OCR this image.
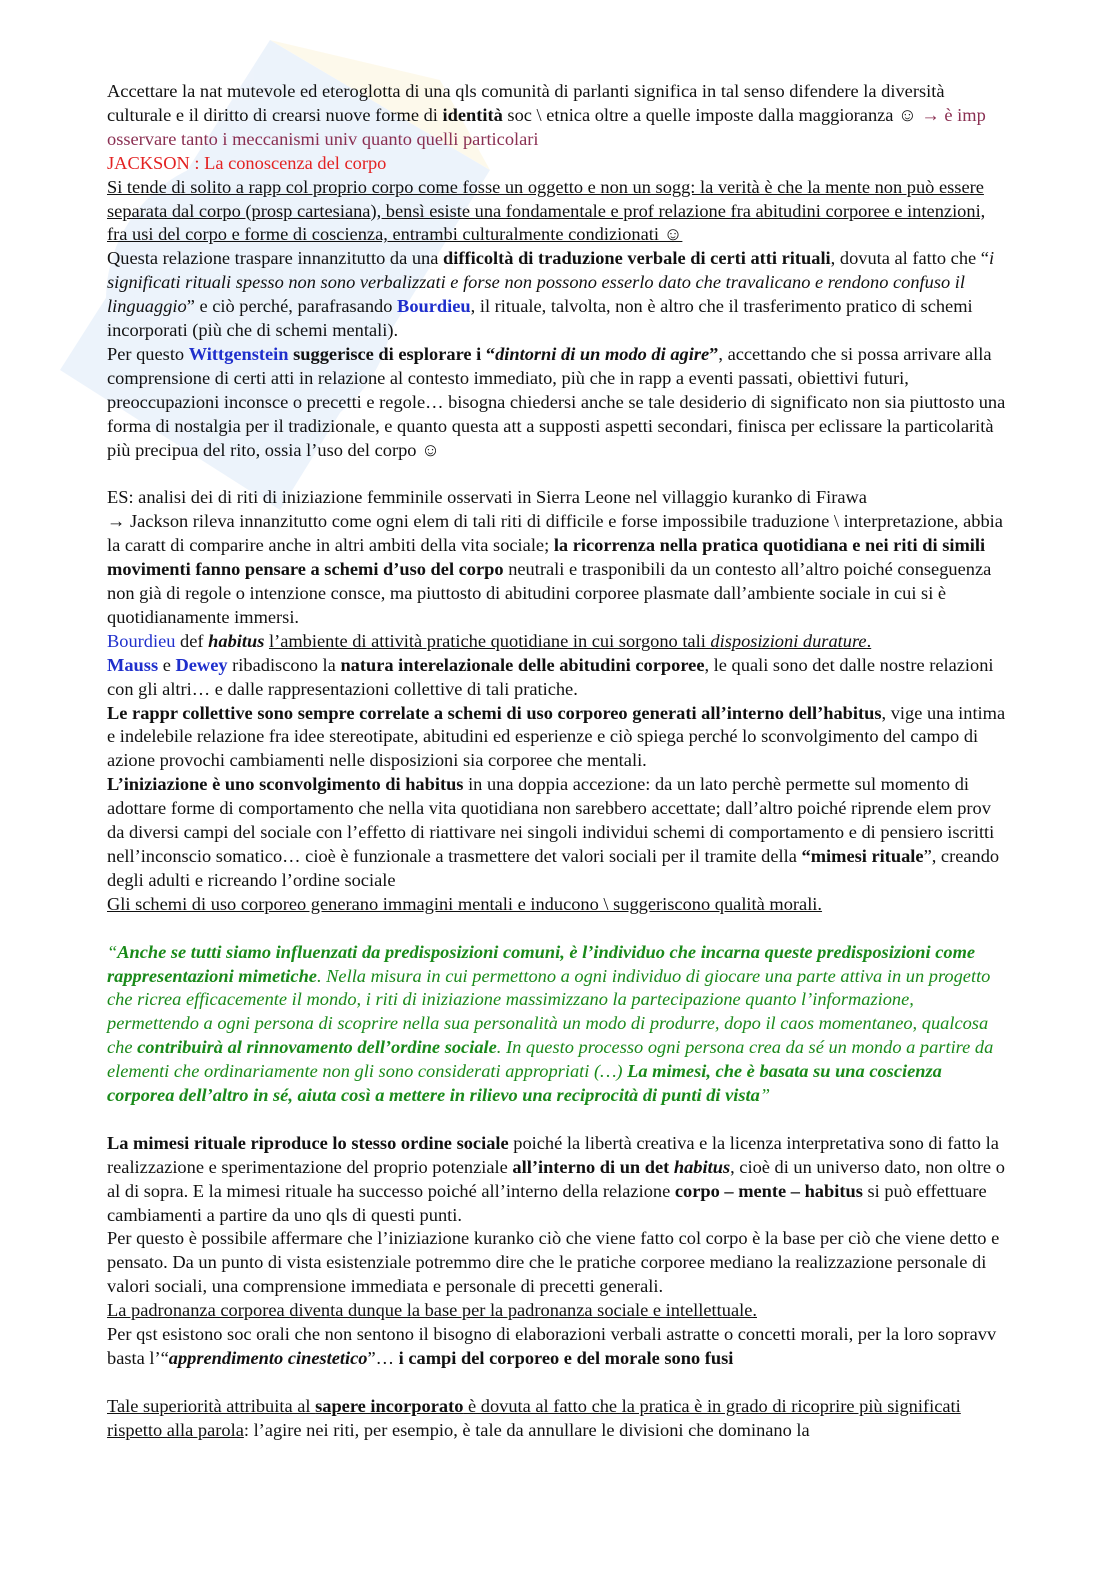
Accettare la nat mutevole ed eteroglotta di una qls comunità di parlanti significa in tal senso difendere la diversità culturale e il diritto di crearsi nuove forme di identità soc \ etnica oltre a quelle imposte dalla maggioranza ☺ → è imp osservare tanto i meccanismi univ quanto quelli particolari

JACKSON : La conoscenza del corpo

Si tende di solito a rapp col proprio corpo come fosse un oggetto e non un sogg: la verità è che la mente non può essere separata dal corpo (prosp cartesiana), bensì esiste una fondamentale e prof relazione fra abitudini corporee e intenzioni, fra usi del corpo e forme di coscienza, entrambi culturalmente condizionati ☺

Questa relazione traspare innanzitutto da una difficoltà di traduzione verbale di certi atti rituali, dovuta al fatto che “i significati rituali spesso non sono verbalizzati e forse non possono esserlo dato che travalicano e rendono confuso il linguaggio” e ciò perché, parafrasando Bourdieu, il rituale, talvolta, non è altro che il trasferimento pratico di schemi incorporati (più che di schemi mentali).

Per questo Wittgenstein suggerisce di esplorare i “dintorni di un modo di agire”, accettando che si possa arrivare alla comprensione di certi atti in relazione al contesto immediato, più che in rapp a eventi passati, obiettivi futuri, preoccupazioni inconsce o precetti e regole… bisogna chiedersi anche se tale desiderio di significato non sia piuttosto una forma di nostalgia per il tradizionale, e quanto questa att a supposti aspetti secondari, finisca per eclissare la particolarità più precipua del rito, ossia l’uso del corpo ☺

ES: analisi dei di riti di iniziazione femminile osservati in Sierra Leone nel villaggio kuranko di Firawa
→ Jackson rileva innanzitutto come ogni elem di tali riti di difficile e forse impossibile traduzione \ interpretazione, abbia la caratt di comparire anche in altri ambiti della vita sociale; la ricorrenza nella pratica quotidiana e nei riti di simili movimenti fanno pensare a schemi d’uso del corpo neutrali e trasponibili da un contesto all’altro poiché conseguenza non già di regole o intenzione consce, ma piuttosto di abitudini corporee plasmate dall’ambiente sociale in cui si è quotidianamente immersi.

Bourdieu def habitus l’ambiente di attività pratiche quotidiane in cui sorgono tali disposizioni durature.

Mauss e Dewey ribadiscono la natura interelazionale delle abitudini corporee, le quali sono det dalle nostre relazioni con gli altri… e dalle rappresentazioni collettive di tali pratiche.

Le rappr collettive sono sempre correlate a schemi di uso corporeo generati all’interno dell’habitus, vige una intima e indelebile relazione fra idee stereotipate, abitudini ed esperienze e ciò spiega perché lo sconvolgimento del campo di azione provochi cambiamenti nelle disposizioni sia corporee che mentali.

L’iniziazione è uno sconvolgimento di habitus in una doppia accezione: da un lato perchè permette sul momento di adottare forme di comportamento che nella vita quotidiana non sarebbero accettate; dall’altro poiché riprende elem prov da diversi campi del sociale con l’effetto di riattivare nei singoli individui schemi di comportamento e di pensiero iscritti nell’inconscio somatico… cioè è funzionale a trasmettere det valori sociali per il tramite della “mimesi rituale”, creando degli adulti e ricreando l’ordine sociale

Gli schemi di uso corporeo generano immagini mentali e inducono \ suggeriscono qualità morali.

“Anche se tutti siamo influenzati da predisposizioni comuni, è l’individuo che incarna queste predisposizioni come rappresentazioni mimetiche. Nella misura in cui permettono a ogni individuo di giocare una parte attiva in un progetto che ricrea efficacemente il mondo, i riti di iniziazione massimizzano la partecipazione quanto l’informazione, permettendo a ogni persona di scoprire nella sua personalità un modo di produrre, dopo il caos momentaneo, qualcosa che contribuirà al rinnovamento dell’ordine sociale. In questo processo ogni persona crea da sé un mondo a partire da elementi che ordinariamente non gli sono considerati appropriati (…) La mimesi, che è basata su una coscienza corporea dell’altro in sé, aiuta così a mettere in rilievo una reciprocità di punti di vista”

La mimesi rituale riproduce lo stesso ordine sociale poiché la libertà creativa e la licenza interpretativa sono di fatto la realizzazione e sperimentazione del proprio potenziale all’interno di un det habitus, cioè di un universo dato, non oltre o al di sopra. E la mimesi rituale ha successo poiché all’interno della relazione corpo – mente – habitus si può effettuare cambiamenti a partire da uno qls di questi punti.

Per questo è possibile affermare che l’iniziazione kuranko ciò che viene fatto col corpo è la base per ciò che viene detto e pensato. Da un punto di vista esistenziale potremmo dire che le pratiche corporee mediano la realizzazione personale di valori sociali, una comprensione immediata e personale di precetti generali.

La padronanza corporea diventa dunque la base per la padronanza sociale e intellettuale.

Per qst esistono soc orali che non sentono il bisogno di elaborazioni verbali astratte o concetti morali, per la loro sopravv basta l’“apprendimento cinestetico”… i campi del corporeo e del morale sono fusi

Tale superiorità attribuita al sapere incorporato è dovuta al fatto che la pratica è in grado di ricoprire più significati rispetto alla parola: l’agire nei riti, per esempio, è tale da annullare le divisioni che dominano la
